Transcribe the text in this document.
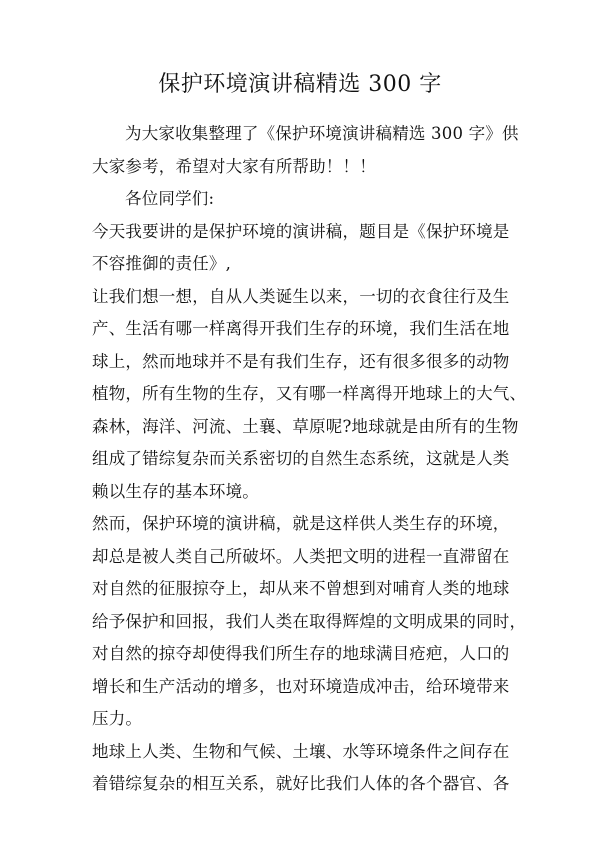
保护环境演讲稿精选 300 字
为大家收集整理了《保护环境演讲稿精选 300 字》供
大家参考，希望对大家有所帮助！！！
各位同学们:
今天我要讲的是保护环境的演讲稿，题目是《保护环境是
不容推御的责任》,
让我们想一想，自从人类诞生以来，一切的衣食往行及生
产、生活有哪一样离得开我们生存的环境，我们生活在地
球上，然而地球并不是有我们生存，还有很多很多的动物
植物，所有生物的生存，又有哪一样离得开地球上的大气、
森林，海洋、河流、土襄、草原呢?地球就是由所有的生物
组成了错综复杂而关系密切的自然生态系统，这就是人类
赖以生存的基本环境。
然而，保护环境的演讲稿，就是这样供人类生存的环境，
却总是被人类自己所破坏。人类把文明的进程一直滞留在
对自然的征服掠夺上，却从来不曾想到对哺育人类的地球
给予保护和回报，我们人类在取得辉煌的文明成果的同时，
对自然的掠夺却使得我们所生存的地球满目疮疤，人口的
增长和生产活动的增多，也对环境造成冲击，给环境带来
压力。
地球上人类、生物和气候、土壤、水等环境条件之间存在
着错综复杂的相互关系，就好比我们人体的各个器官、各
